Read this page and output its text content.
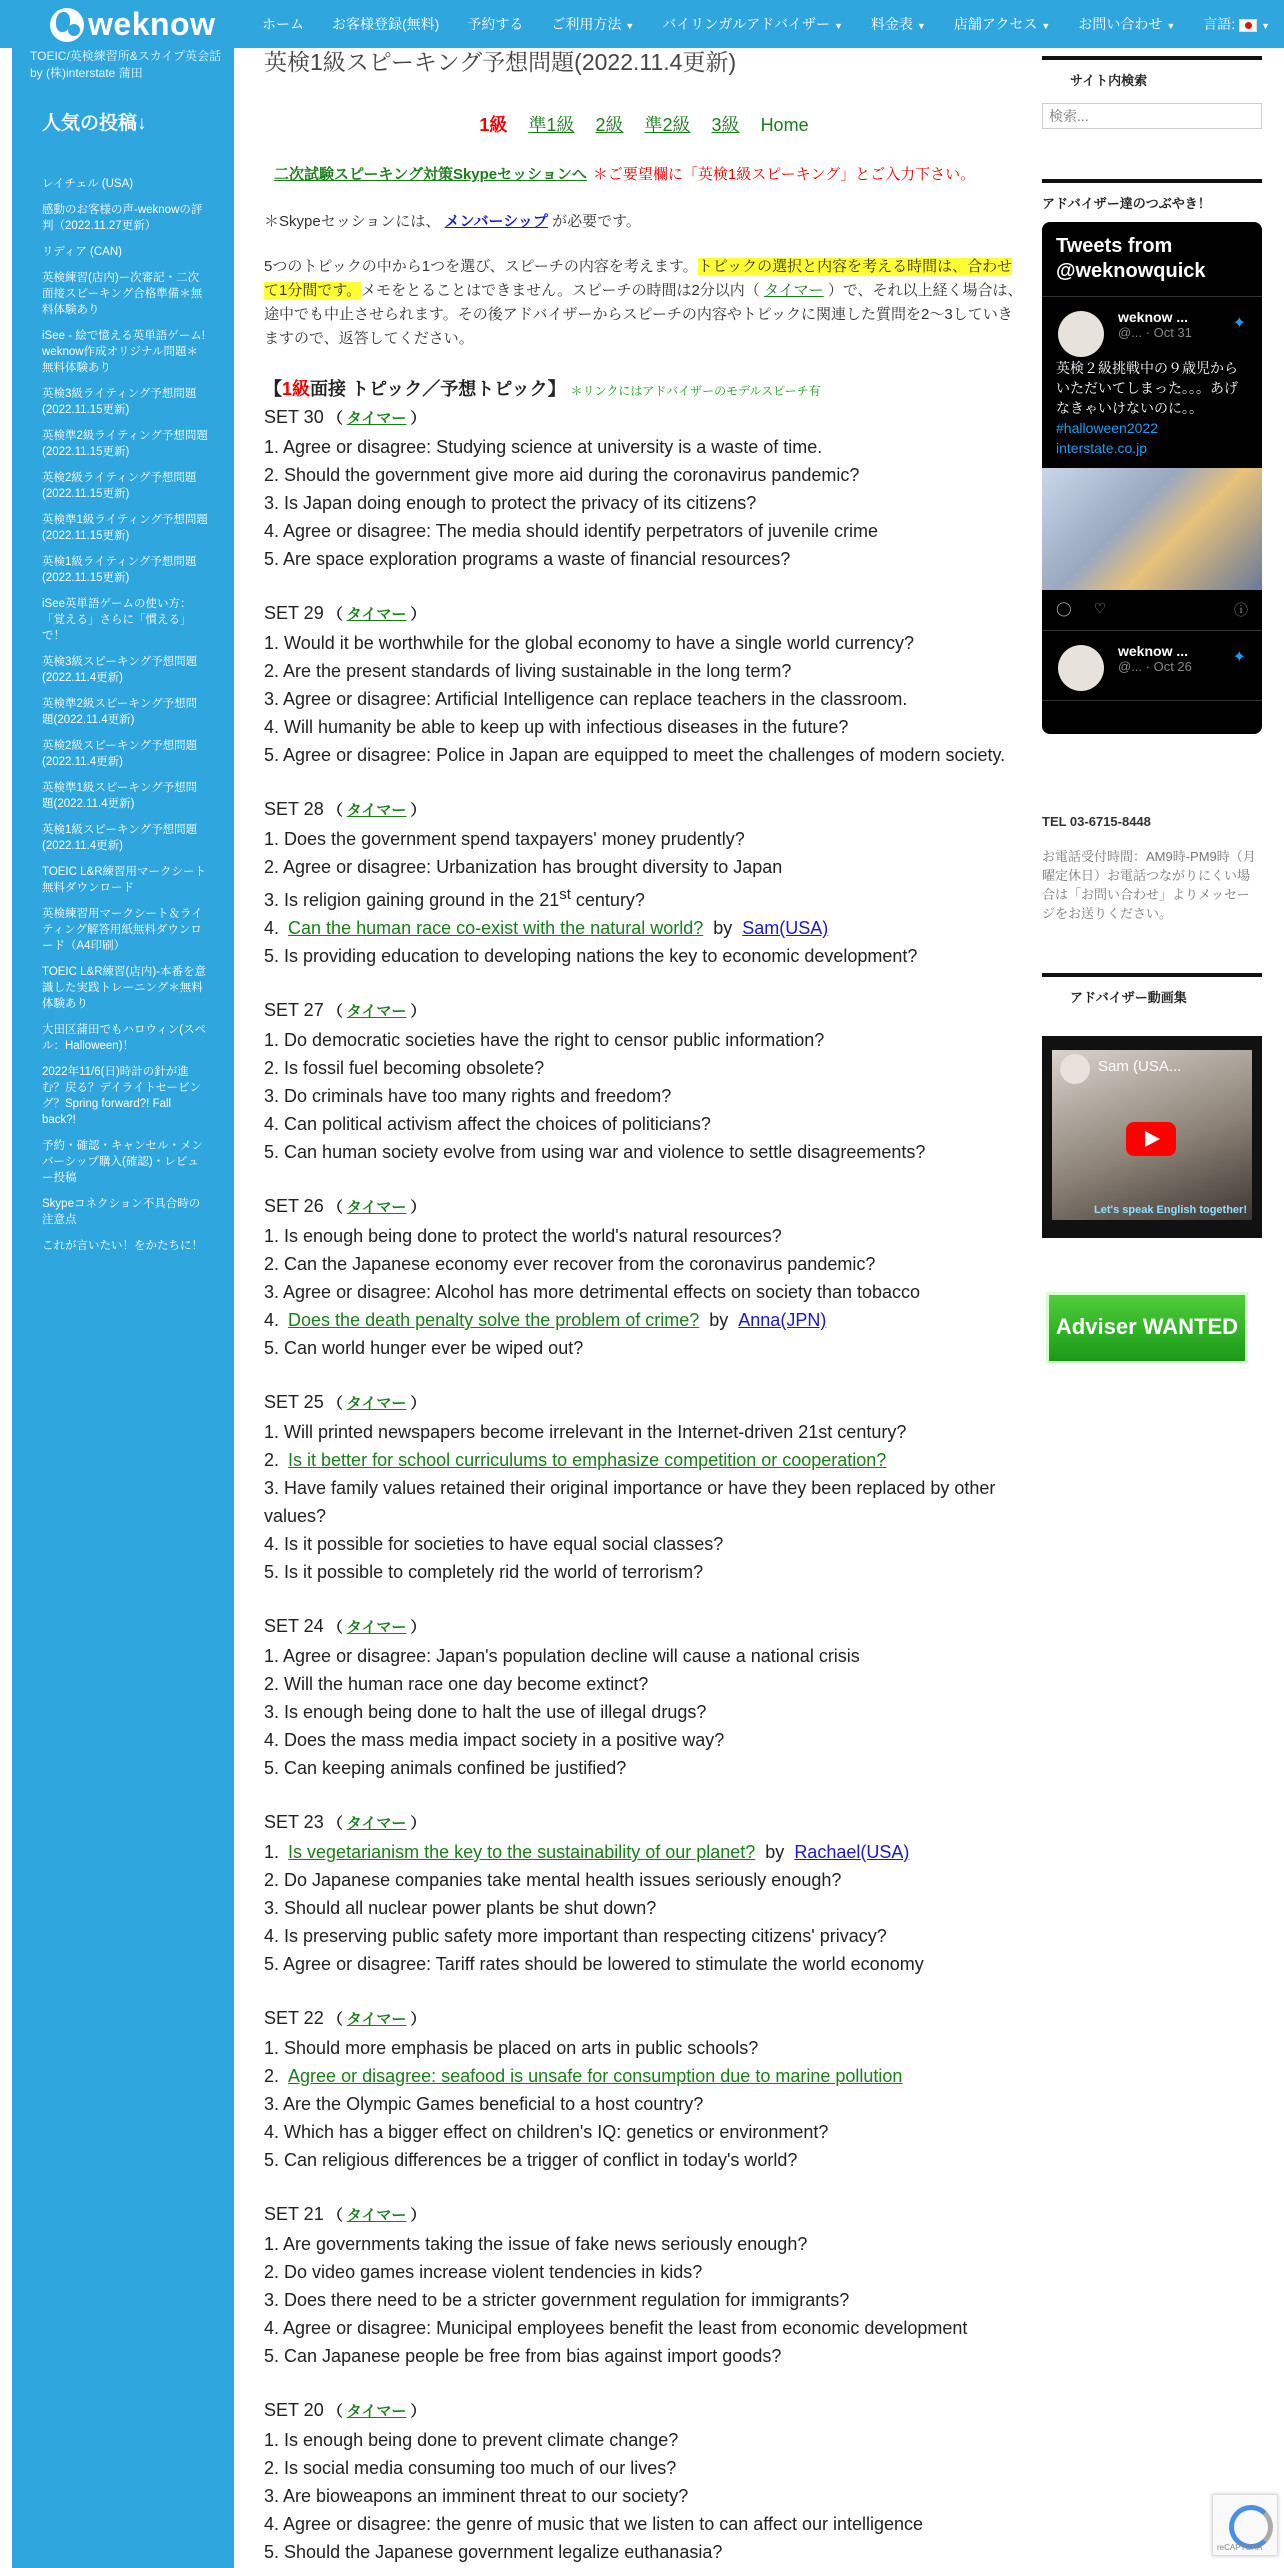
weknow	ホーム お客様登録(無料) 予約する ご利用方法 ▼ バイリンガルアドバイザー ▼ 料金表 ▼ 店舗アクセス ▼ お問い合わせ ▼ 言語:	▼
TOEIC/英検練習所&スカイプ英会話 by (株)interstate 蒲田
人気の投稿↓
レイチェル (USA)
感動のお客様の声-weknowの評判（2022.11.27更新）
リディア (CAN)
英検練習(店内)ー次審記・二次面接スピーキング合格準備＊無料体験あり
iSee - 絵で憶える英単語ゲーム! weknow作成オリジナル問題＊無料体験あり
英検3級ライティング予想問題(2022.11.15更新)
英検準2級ライティング予想問題(2022.11.15更新)
英検2級ライティング予想問題(2022.11.15更新)
英検準1級ライティング予想問題(2022.11.15更新)
英検1級ライティング予想問題(2022.11.15更新)
iSee英単語ゲームの使い方：「覚える」さらに「慣える」で！
英検3級スピーキング予想問題(2022.11.4更新)
英検準2級スピーキング予想問題(2022.11.4更新)
英検2級スピーキング予想問題(2022.11.4更新)
英検準1級スピーキング予想問題(2022.11.4更新)
英検1級スピーキング予想問題(2022.11.4更新)
TOEIC L&R練習用マークシート無料ダウンロード
英検練習用マークシート＆ライティング解答用紙無料ダウンロード（A4印刷）
TOEIC L&R練習(店内)-本番を意識した実践トレーニング＊無料体験あり
大田区蒲田でもハロウィン(スペル：Halloween)！
2022年11/6(日)時計の針が進む？戻る？デイライトセービング？Spring forward?! Fall back?!
予約・確認・キャンセル・メンバーシップ購入(確認)・レビュー投稿
Skypeコネクション不具合時の注意点
これが言いたい！をかたちに！
英検1級スピーキング予想問題(2022.11.4更新)
1級 準1級 2級 準2級 3級 Home
二次試験スピーキング対策Skypeセッションへ ＊ご要望欄に「英検1級スピーキング」とご入力下さい。
＊Skypeセッションには、 メンバーシップ が必要です。
5つのトピックの中から1つを選び、スピーチの内容を考えます。トピックの選択と内容を考える時間は、合わせて1分間です。メモをとることはできません。スピーチの時間は2分以内（ タイマー ）で、それ以上経く場合は、途中でも中止させられます。その後アドバイザーからスピーチの内容やトピックに関連した質問を2～3していきますので、返答してください。
【1級面接 トピック／予想トピック】 ＊リンクにはアドバイザーのモデルスピーチ有
SET 30 （ タイマー ）
1. Agree or disagree: Studying science at university is a waste of time.
2. Should the government give more aid during the coronavirus pandemic?
3. Is Japan doing enough to protect the privacy of its citizens?
4. Agree or disagree: The media should identify perpetrators of juvenile crime
5. Are space exploration programs a waste of financial resources?
SET 29 （ タイマー ）
1. Would it be worthwhile for the global economy to have a single world currency?
2. Are the present standards of living sustainable in the long term?
3. Agree or disagree: Artificial Intelligence can replace teachers in the classroom.
4. Will humanity be able to keep up with infectious diseases in the future?
5. Agree or disagree: Police in Japan are equipped to meet the challenges of modern society.
SET 28 （ タイマー ）
1. Does the government spend taxpayers' money prudently?
2. Agree or disagree: Urbanization has brought diversity to Japan
3. Is religion gaining ground in the 21st century?
4. Can the human race co-exist with the natural world? by Sam(USA)
5. Is providing education to developing nations the key to economic development?
SET 27 （ タイマー ）
1. Do democratic societies have the right to censor public information?
2. Is fossil fuel becoming obsolete?
3. Do criminals have too many rights and freedom?
4. Can political activism affect the choices of politicians?
5. Can human society evolve from using war and violence to settle disagreements?
SET 26 （ タイマー ）
1. Is enough being done to protect the world's natural resources?
2. Can the Japanese economy ever recover from the coronavirus pandemic?
3. Agree or disagree: Alcohol has more detrimental effects on society than tobacco
4. Does the death penalty solve the problem of crime? by Anna(JPN)
5. Can world hunger ever be wiped out?
SET 25 （ タイマー ）
1. Will printed newspapers become irrelevant in the Internet-driven 21st century?
2. Is it better for school curriculums to emphasize competition or cooperation?
3. Have family values retained their original importance or have they been replaced by other values?
4. Is it possible for societies to have equal social classes?
5. Is it possible to completely rid the world of terrorism?
SET 24 （ タイマー ）
1. Agree or disagree: Japan's population decline will cause a national crisis
2. Will the human race one day become extinct?
3. Is enough being done to halt the use of illegal drugs?
4. Does the mass media impact society in a positive way?
5. Can keeping animals confined be justified?
SET 23 （ タイマー ）
1. Is vegetarianism the key to the sustainability of our planet? by Rachael(USA)
2. Do Japanese companies take mental health issues seriously enough?
3. Should all nuclear power plants be shut down?
4. Is preserving public safety more important than respecting citizens' privacy?
5. Agree or disagree: Tariff rates should be lowered to stimulate the world economy
SET 22 （ タイマー ）
1. Should more emphasis be placed on arts in public schools?
2. Agree or disagree: seafood is unsafe for consumption due to marine pollution
3. Are the Olympic Games beneficial to a host country?
4. Which has a bigger effect on children's IQ: genetics or environment?
5. Can religious differences be a trigger of conflict in today's world?
SET 21 （ タイマー ）
1. Are governments taking the issue of fake news seriously enough?
2. Do video games increase violent tendencies in kids?
3. Does there need to be a stricter government regulation for immigrants?
4. Agree or disagree: Municipal employees benefit the least from economic development
5. Can Japanese people be free from bias against import goods?
SET 20 （ タイマー ）
1. Is enough being done to prevent climate change?
2. Is social media consuming too much of our lives?
3. Are bioweapons an imminent threat to our society?
4. Agree or disagree: the genre of music that we listen to can affect our intelligence
5. Should the Japanese government legalize euthanasia?
サイト内検索
検索...
アドバイザー達のつぶやき！
Tweets from @weknowquick
weknow ...
@... · Oct 31
✦
英検２級挑戦中の９歳児からいただいてしまった。。。あげなきゃいけないのに。。
#halloween2022
interstate.co.jp
◯ ♡	ⓘ
weknow ...
@... · Oct 26
✦
TEL 03-6715-8448
お電話受付時間：AM9時-PM9時（月曜定休日）お電話つながりにくい場合は「お問い合わせ」よりメッセージをお送りください。
アドバイザー動画集
Sam (USA...
Let's speak English together!
Adviser WANTED
reCAPTCHA
